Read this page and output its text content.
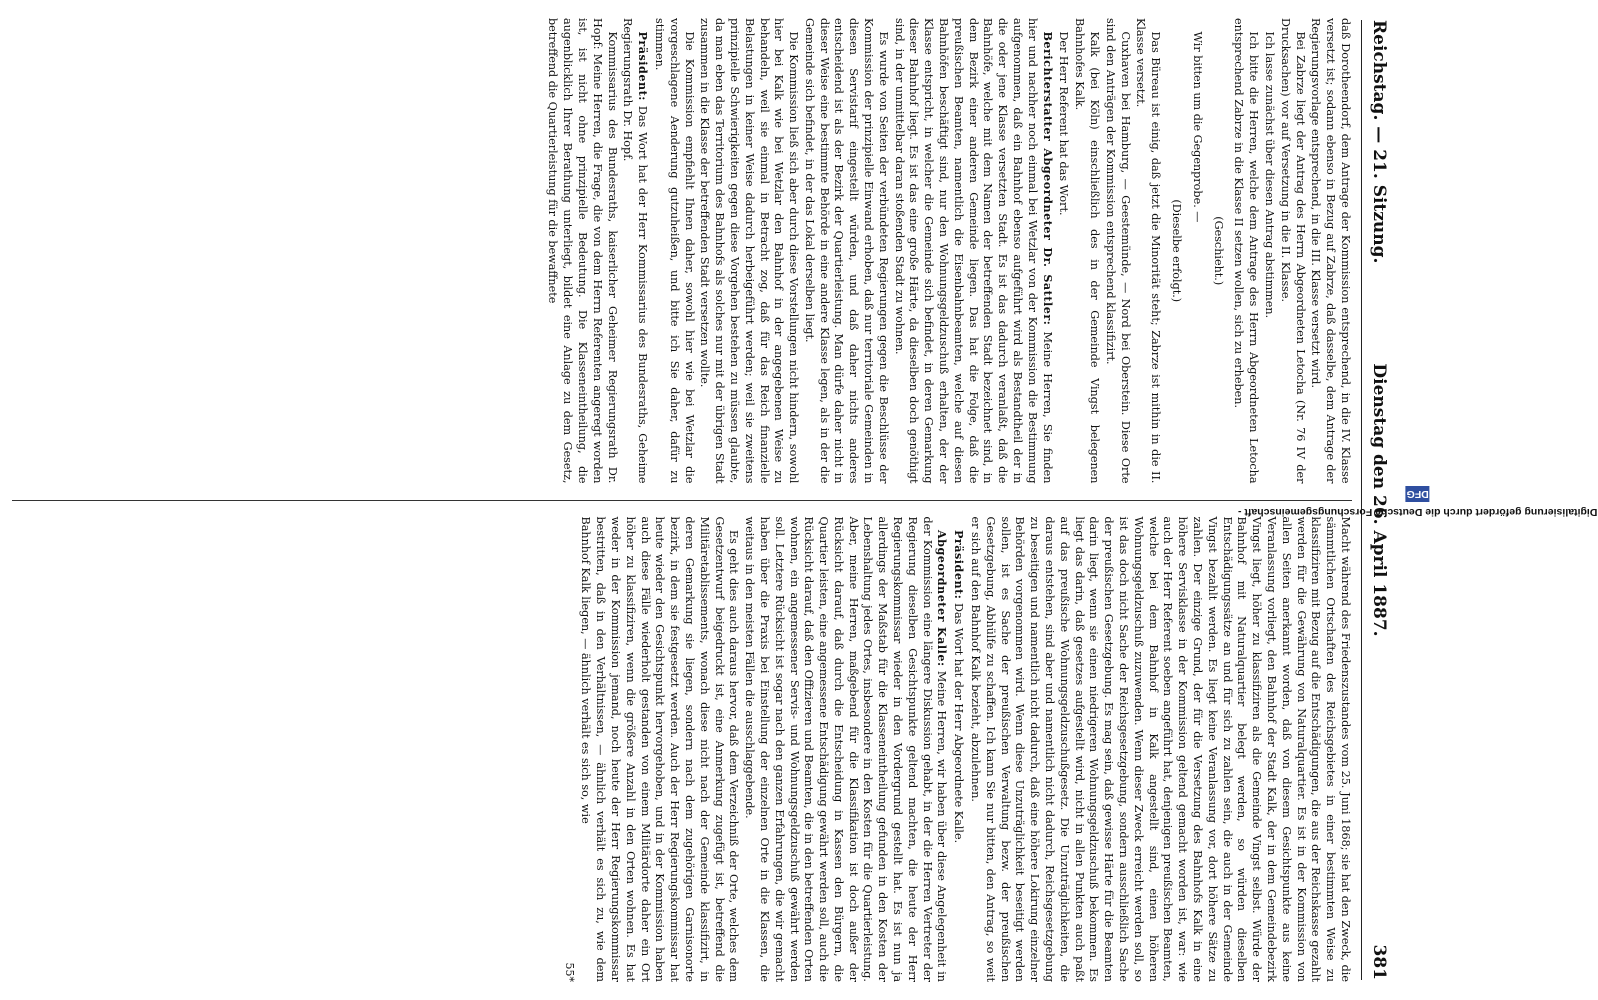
Reichstag. — 21. Sitzung.
Dienstag den 26. April 1887.
381

daß Dorotheendorf, dem Antrage der Kommission entsprechend, in die IV. Klasse versetzt ist; sodann ebenso in Bezug auf Zabrze, daß dasselbe, dem Antrage der Regierungsvorlage entsprechend, in die III. Klasse versetzt wird.

Bei Zabrze liegt der Antrag des Herrn Abgeordneten Letocha (Nr. 76 IV der Drucksachen) vor auf Versetzung in die II. Klasse.

Ich lasse zunächst über diesen Antrag abstimmen.

Ich bitte die Herren, welche dem Antrage des Herrn Abgeordneten Letocha entsprechend Zabrze in die Klasse II setzen wollen, sich zu erheben.

(Geschieht.)

Wir bitten um die Gegenprobe. —

(Dieselbe erfolgt.)

Das Büreau ist einig, daß jetzt die Minorität steht; Zabrze ist mithin in die II. Klasse versetzt.

Cuxhaven bei Hamburg, — Geestemünde, — Nord bei Oberstein. Diese Orte sind den Anträgen der Kommission entsprechend klassifizirt.

Kalk (bei Köln) einschließlich des in der Gemeinde Vingst belegenen Bahnhofes Kalk.

Der Herr Referent hat das Wort.

Berichterstatter Abgeordneter Dr. Sattler: Meine Herren, Sie finden hier und nachher noch einmal bei Wetzlar von der Kommission die Bestimmung aufgenommen, daß ein Bahnhof ebenso aufgeführt wird als Bestandtheil der in die oder jene Klasse versetzten Stadt. Es ist das dadurch veranlaßt, daß die Bahnhöfe, welche mit dem Namen der betreffenden Stadt bezeichnet sind, in dem Bezirk einer anderen Gemeinde liegen. Das hat die Folge, daß die preußischen Beamten, namentlich die Eisenbahnbeamten, welche auf diesen Bahnhöfen beschäftigt sind, nur den Wohnungsgeldzuschuß erhalten, der der Klasse entspricht, in welcher die Gemeinde sich befindet, in deren Gemarkung dieser Bahnhof liegt. Es ist das eine große Härte, da dieselben doch genöthigt sind, in der unmittelbar daran stoßenden Stadt zu wohnen.

Es wurde von Seiten der verbündeten Regierungen gegen die Beschlüsse der Kommission der prinzipielle Einwand erhoben, daß nur territoriale Gemeinden in diesen Servistarif eingestellt würden, und daß daher nichts anderes entscheidend ist als der Bezirk der Quartierleistung. Man dürfe daher nicht in dieser Weise eine bestimmte Behörde in eine andere Klasse legen, als in der die Gemeinde sich befindet, in der das Lokal derselben liegt.

Die Kommission ließ sich aber durch diese Vorstellungen nicht hindern, sowohl hier bei Kalk wie bei Wetzlar den Bahnhof in der angegebenen Weise zu behandeln, weil sie einmal in Betracht zog, daß für das Reich finanzielle Belastungen in keiner Weise dadurch herbeigeführt werden; weil sie zweitens prinzipielle Schwierigkeiten gegen diese Vorgehen bestehen zu müssen glaubte, da man eben das Territorium des Bahnhofs als solches nur mit der übrigen Stadt zusammen in die Klasse der betreffenden Stadt versetzen wollte.

Die Kommission empfiehlt Ihnen daher, sowohl hier wie bei Wetzlar die vorgeschlagene Aenderung gutzuheißen, und bitte ich Sie daher, dafür zu stimmen.

Präsident: Das Wort hat der Herr Kommissarius des Bundesraths, Geheime Regierungsrath Dr. Hopf.

Kommissarius des Bundesraths, kaiserlicher Geheimer Regierungsrath Dr. Hopf: Meine Herren, die Frage, die von dem Herrn Referenten angeregt worden ist, ist nicht ohne prinzipielle Bedeutung. Die Klasseneintheilung, die augenblicklich Ihrer Berathung unterliegt, bildet eine Anlage zu dem Gesetz, betreffend die Quartierleistung für die bewaffnete

Macht während des Friedenszustandes vom 25. Juni 1868; sie hat den Zweck, die sämmtlichen Ortschaften des Reichsgebietes in einer bestimmten Weise zu klassifiziren mit Bezug auf die Entschädigungen, die aus der Reichskasse gezahlt werden für die Gewährung von Naturalquartier. Es ist in der Kommission von allen Seiten anerkannt worden, daß von diesem Gesichtspunkte aus keine Veranlassung vorliegt, den Bahnhof der Stadt Kalk, der in dem Gemeindebezirk Vingst liegt, höher zu klassifiziren als die Gemeinde Vingst selbst. Würde der Bahnhof mit Naturalquartier belegt werden, so würden dieselben Entschädigungssätze an und für sich zu zahlen sein, die auch in der Gemeinde Vingst bezahlt werden. Es liegt keine Veranlassung vor, dort höhere Sätze zu zahlen. Der einzige Grund, der für die Versetzung des Bahnhofs Kalk in eine höhere Servisklasse in der Kommission geltend gemacht worden ist, war: wie auch der Herr Referent soeben angeführt hat, denjenigen preußischen Beamten, welche bei dem Bahnhof in Kalk angestellt sind, einen höheren Wohnungsgeldzuschuß zuzuwenden. Wenn dieser Zweck erreicht werden soll, so ist das doch nicht Sache der Reichsgesetzgebung, sondern ausschließlich Sache der preußischen Gesetzgebung. Es mag sein, daß gewisse Härte für die Beamten darin liegt, wenn sie einen niedrigeren Wohnungsgeldzuschuß bekommen. Es liegt das darin, daß gesetzes aufgestellt wird, nicht in allen Punkten auch paßt auf das preußische Wohnungsgeldzuschußgesetz. Die Unzuträglichkeiten, die daraus entstehen, sind aber und namentlich nicht dadurch, Reichsgesetzgebung zu beseitigen und namentlich nicht dadurch, daß eine höhere Lokirung einzelner Behörden vorgenommen wird. Wenn diese Unzuträglichkeit beseitigt werden sollen, ist es Sache der preußischen Verwaltung bezw. der preußischen Gesetzgebung, Abhülfe zu schaffen. Ich kann Sie nur bitten, den Antrag, so weit er sich auf den Bahnhof Kalk bezieht, abzulehnen.

Präsident: Das Wort hat der Herr Abgeordnete Kalle.

Abgeordneter Kalle: Meine Herren, wir haben über diese Angelegenheit in der Kommission eine längere Diskussion gehabt, in der die Herren Vertreter der Regierung dieselben Gesichtspunkte geltend machten, die heute der Herr Regierungskommissar wieder in den Vordergrund gestellt hat. Es ist nun ja allerdings der Maßstab für die Klasseneintheilung gefunden in den Kosten der Lebenshaltung jedes Ortes, insbesondere in den Kosten für die Quartierleistung. Aber, meine Herren, maßgebend für die Klassifikation ist doch außer der Rücksicht darauf, daß durch die Entscheidung in Kassen den Bürgern, die Quartier leisten, eine angemessene Entschädigung gewährt werden soll, auch die Rücksicht darauf, daß den Offizieren und Beamten, die in den betreffenden Orten wohnen, ein angemessener Servis- und Wohnungsgeldzuschuß gewährt werden soll. Letztere Rücksicht ist sogar nach den ganzen Erfahrungen, die wir gemacht haben über die Praxis bei Einstellung der einzelnen Orte in die Klassen, die weitaus in den meisten Fällen die ausschlaggebende.

Es geht dies auch daraus hervor, daß dem Verzeichniß der Orte, welches dem Gesetzentwurf beigedruckt ist, eine Anmerkung zugefügt ist, betreffend die Militäretablissements, wonach diese nicht nach der Gemeinde klassifizirt, in deren Gemarkung sie liegen, sondern nach dem zugehörigen Garnisonorte bezirk, in dem sie festgesetzt werden. Auch der Herr Regierungskommissar hat heute wieder den Gesichtspunkt hervorgehoben, und in der Kommission haben auch diese Fälle wiederholt gestanden von einem Militärdorte daher ein Ort höher zu klassifiziren, wenn die größere Anzahl in den Orten wohnen. Es hat weder in der Kommission jemand, noch heute der Herr Regierungskommissar bestritten, daß in den Verhältnissen, — ähnlich verhält es sich zu, wie dem Bahnhof Kalk liegen, — ähnlich verhält es sich so, wie

55*
Digitalisierung gefördert durch die Deutsche Forschungsgemeinschaft -
DFG
